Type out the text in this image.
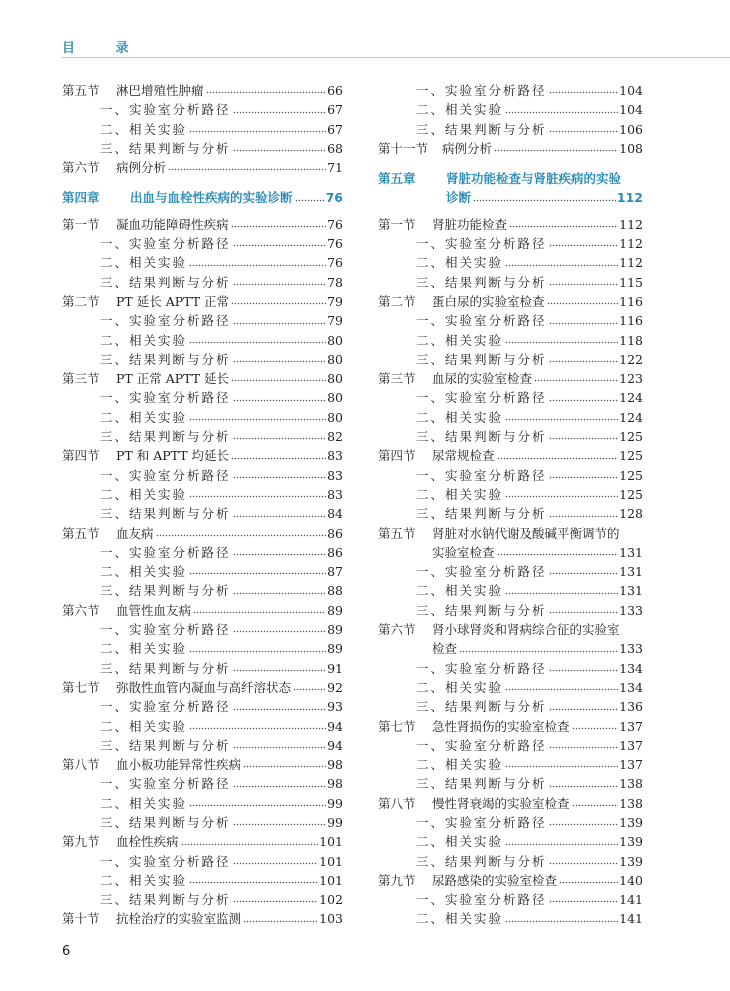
目 录
第五节	淋巴增殖性肿瘤	66
一、 实验室分析路径	67
二、 相关实验	67
三、 结果判断与分析	68
第六节	病例分析	71
第四章	出血与血栓性疾病的实验诊断	76
第一节	凝血功能障碍性疾病	76
一、 实验室分析路径	76
二、 相关实验	76
三、 结果判断与分析	78
第二节	PT 延长 APTT 正常	79
一、 实验室分析路径	79
二、 相关实验	80
三、 结果判断与分析	80
第三节	PT 正常 APTT 延长	80
一、 实验室分析路径	80
二、 相关实验	80
三、 结果判断与分析	82
第四节	PT 和 APTT 均延长	83
一、 实验室分析路径	83
二、 相关实验	83
三、 结果判断与分析	84
第五节	血友病	86
一、 实验室分析路径	86
二、 相关实验	87
三、 结果判断与分析	88
第六节	血管性血友病	89
一、 实验室分析路径	89
二、 相关实验	89
三、 结果判断与分析	91
第七节	弥散性血管内凝血与高纤溶状态	92
一、 实验室分析路径	93
二、 相关实验	94
三、 结果判断与分析	94
第八节	血小板功能异常性疾病	98
一、 实验室分析路径	98
二、 相关实验	99
三、 结果判断与分析	99
第九节	血栓性疾病	101
一、 实验室分析路径	101
二、 相关实验	101
三、 结果判断与分析	102
第十节	抗栓治疗的实验室监测	103
一、 实验室分析路径	104
二、 相关实验	104
三、 结果判断与分析	106
第十一节	病例分析	108
第五章	肾脏功能检查与肾脏疾病的实验
诊断	112
第一节	肾脏功能检查	112
一、 实验室分析路径	112
二、 相关实验	112
三、 结果判断与分析	115
第二节	蛋白尿的实验室检查	116
一、 实验室分析路径	116
二、 相关实验	118
三、 结果判断与分析	122
第三节	血尿的实验室检查	123
一、 实验室分析路径	124
二、 相关实验	124
三、 结果判断与分析	125
第四节	尿常规检查	125
一、 实验室分析路径	125
二、 相关实验	125
三、 结果判断与分析	128
第五节	肾脏对水钠代谢及酸碱平衡调节的
实验室检查	131
一、 实验室分析路径	131
二、 相关实验	131
三、 结果判断与分析	133
第六节	肾小球肾炎和肾病综合征的实验室
检查	133
一、 实验室分析路径	134
二、 相关实验	134
三、 结果判断与分析	136
第七节	急性肾损伤的实验室检查	137
一、 实验室分析路径	137
二、 相关实验	137
三、 结果判断与分析	138
第八节	慢性肾衰竭的实验室检查	138
一、 实验室分析路径	139
二、 相关实验	139
三、 结果判断与分析	139
第九节	尿路感染的实验室检查	140
一、 实验室分析路径	141
二、 相关实验	141
6
